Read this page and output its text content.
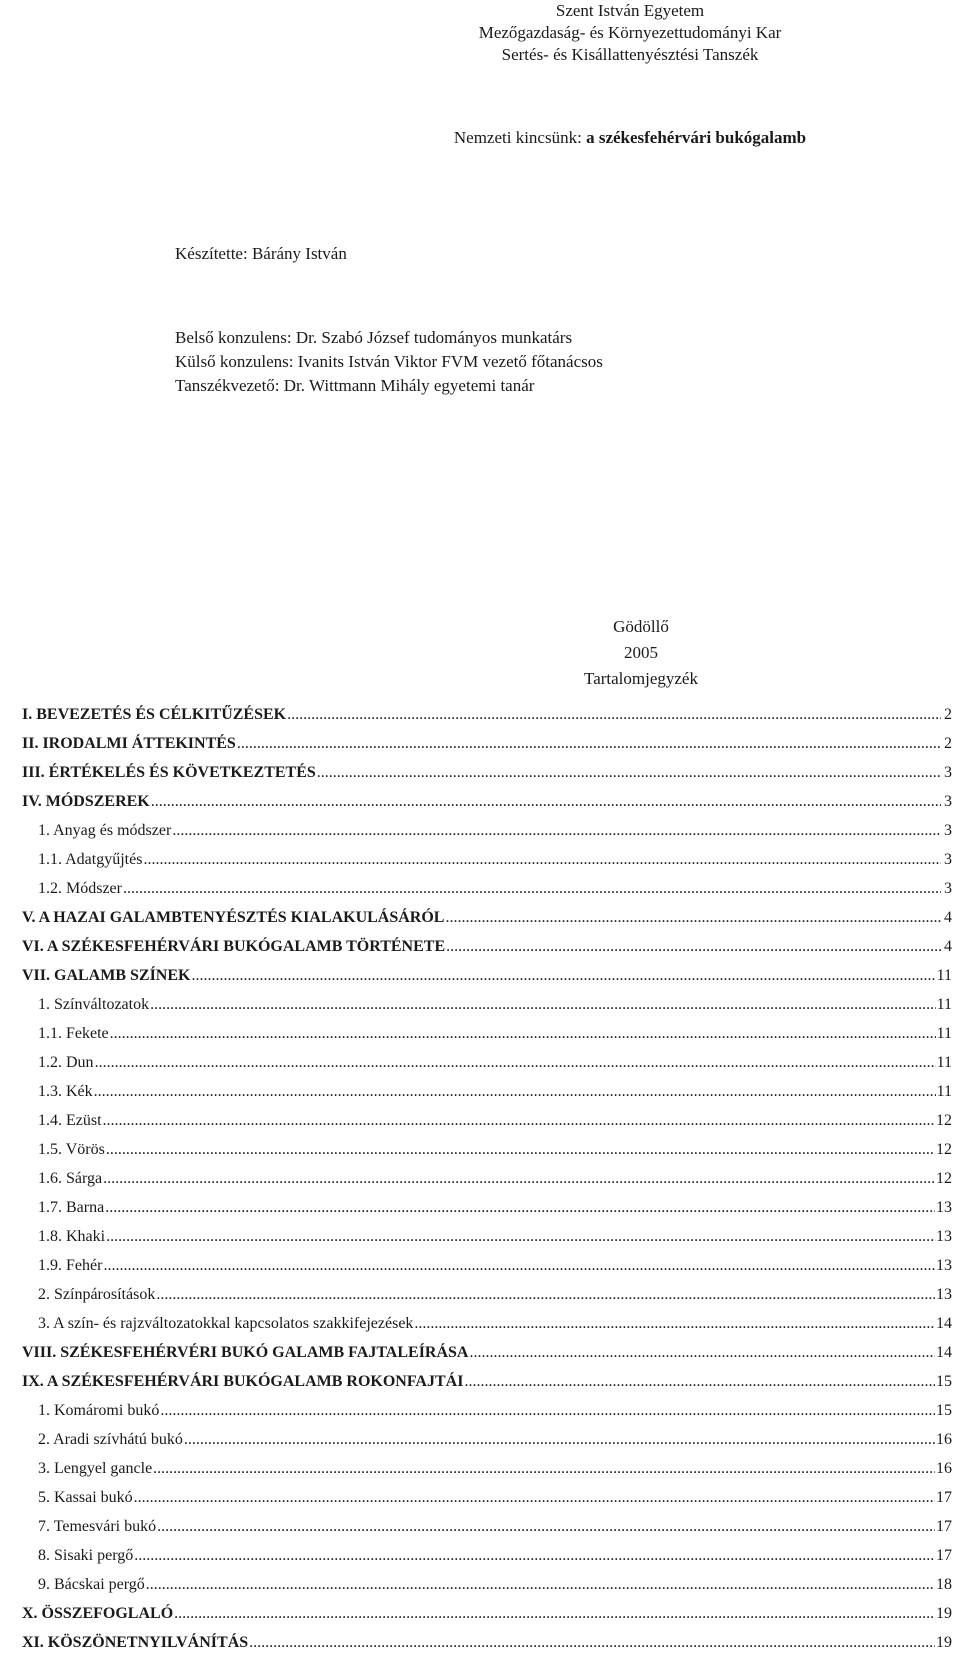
Szent István Egyetem
Mezőgazdaság- és Környezettudományi Kar
Sertés- és Kisállattenyésztési Tanszék
Nemzeti kincsünk: a székesfehérvári bukógalamb
Készítette: Bárány István
Belső konzulens: Dr. Szabó József tudományos munkatárs
Külső konzulens: Ivanits István Viktor FVM vezető főtanácsos
Tanszékvezető: Dr. Wittmann Mihály egyetemi tanár
Gödöllő
2005
Tartalomjegyzék
I. BEVEZETÉS ÉS CÉLKITŰZÉSEK .....	2
II. IRODALMI ÁTTEKINTÉS .....	2
III. ÉRTÉKELÉS ÉS KÖVETKEZTETÉS .....	3
IV. MÓDSZEREK .....	3
1. Anyag és módszer .....	3
1.1. Adatgyűjtés .....	3
1.2. Módszer .....	3
V. A HAZAI GALAMBTENYÉSZTÉS KIALAKULÁSÁRÓL .....	4
VI. A SZÉKESFEHÉRVÁRI BUKÓGALAMB TÖRTÉNETE .....	4
VII. GALAMB SZÍNEK .....	11
1. Színváltozatok .....	11
1.1. Fekete .....	11
1.2. Dun .....	11
1.3. Kék .....	11
1.4. Ezüst .....	12
1.5. Vörös .....	12
1.6. Sárga .....	12
1.7. Barna .....	13
1.8. Khaki .....	13
1.9. Fehér .....	13
2. Színpárosítások .....	13
3. A szín- és rajzváltozatokkal kapcsolatos szakkifejezések .....	14
VIII. SZÉKESFEHÉRVÉRI BUKÓ GALAMB FAJTALEÍRÁSA .....	14
IX. A SZÉKESFEHÉRVÁRI BUKÓGALAMB ROKONFAJTÁI .....	15
1. Komáromi bukó .....	15
2. Aradi szívhátú bukó .....	16
3. Lengyel gancle .....	16
5. Kassai bukó .....	17
7. Temesvári bukó .....	17
8. Sisaki pergő .....	17
9. Bácskai pergő .....	18
X. ÖSSZEFOGLALÓ .....	19
XI. KÖSZÖNETNYILVÁNÍTÁS .....	19
